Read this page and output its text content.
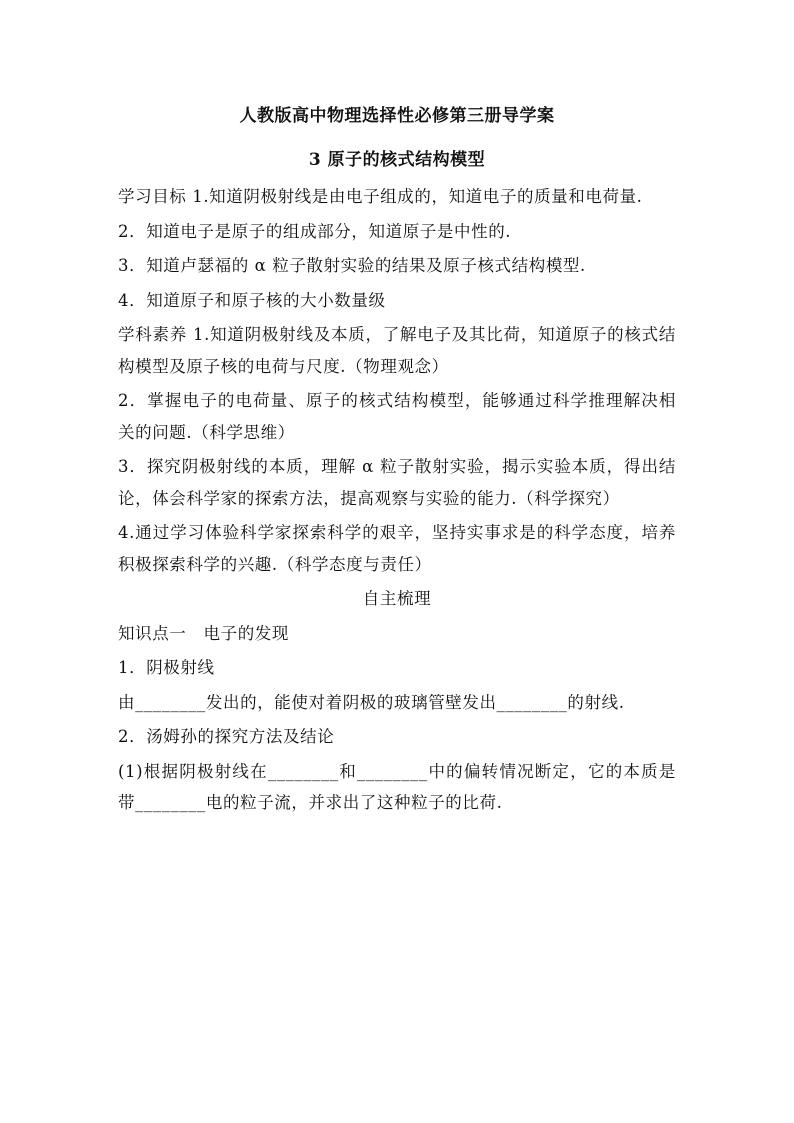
人教版高中物理选择性必修第三册导学案

3 原子的核式结构模型

学习目标 1.知道阴极射线是由电子组成的，知道电子的质量和电荷量.

2．知道电子是原子的组成部分，知道原子是中性的.

3．知道卢瑟福的 α 粒子散射实验的结果及原子核式结构模型.

4．知道原子和原子核的大小数量级

学科素养 1.知道阴极射线及本质，了解电子及其比荷，知道原子的核式结构模型及原子核的电荷与尺度.（物理观念）

2．掌握电子的电荷量、原子的核式结构模型，能够通过科学推理解决相关的问题.（科学思维）

3．探究阴极射线的本质，理解 α 粒子散射实验，揭示实验本质，得出结论，体会科学家的探索方法，提高观察与实验的能力.（科学探究）

4.通过学习体验科学家探索科学的艰辛，坚持实事求是的科学态度，培养积极探索科学的兴趣.（科学态度与责任）

自主梳理

知识点一　电子的发现

1．阴极射线

由________发出的，能使对着阴极的玻璃管壁发出________的射线.

2．汤姆孙的探究方法及结论

(1)根据阴极射线在________和________中的偏转情况断定，它的本质是带________电的粒子流，并求出了这种粒子的比荷.
